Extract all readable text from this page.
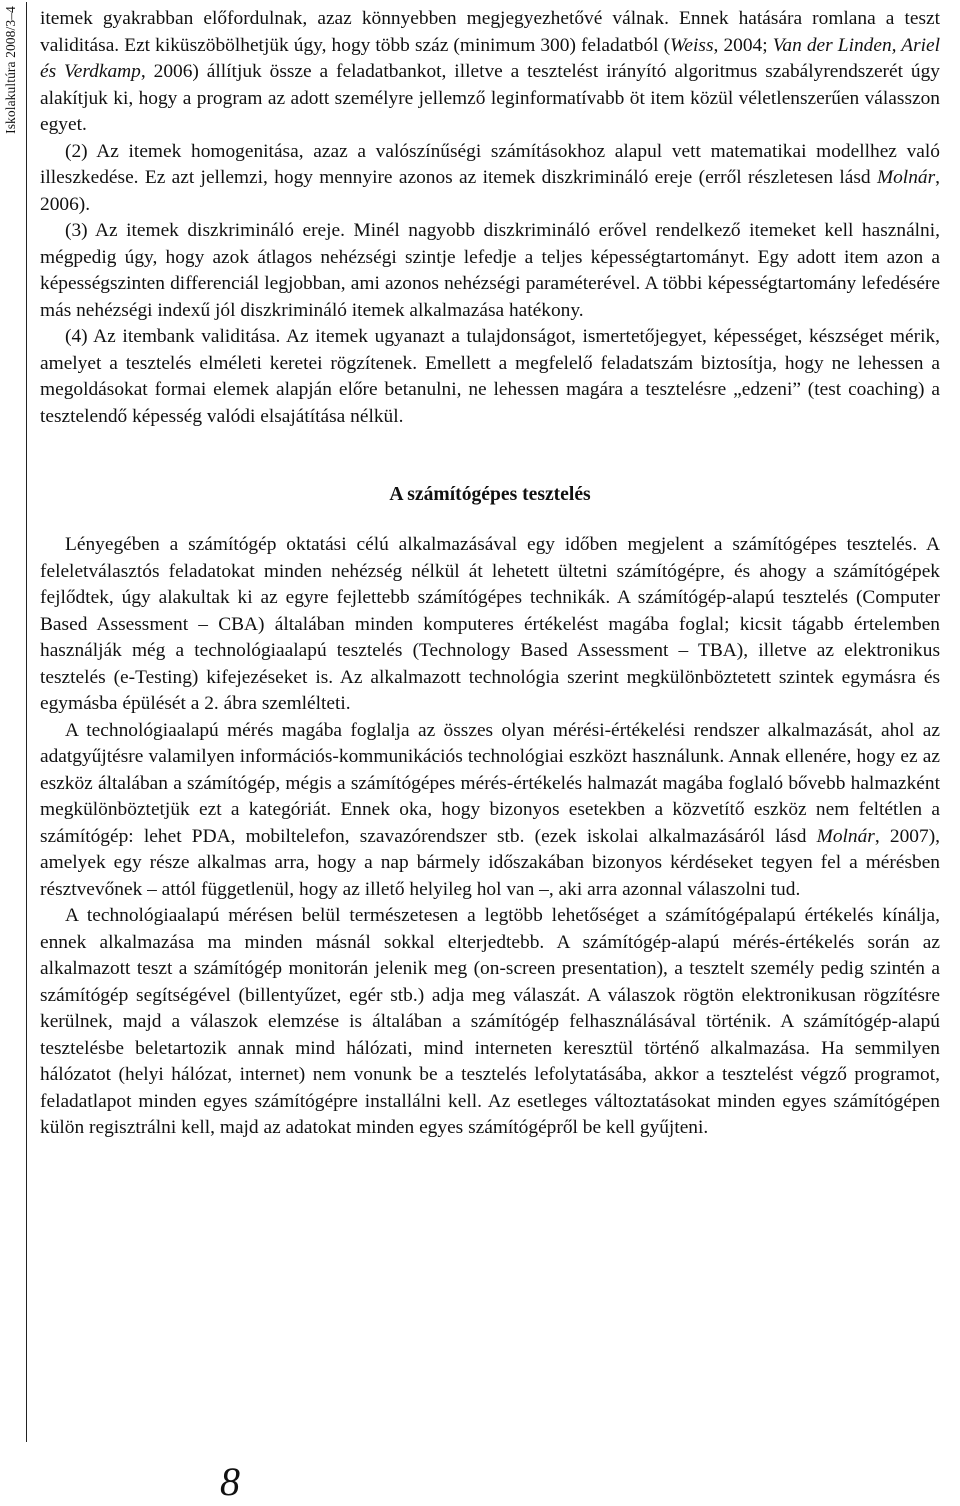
Iskolakultúra 2008/3–4 itemek gyakrabban előfordulnak, azaz könnyebben megjegyezhetővé válnak. Ennek hatására romlana a teszt validitása. Ezt kiküszöbölhetjük úgy, hogy több száz (minimum 300) feladatból (Weiss, 2004; Van der Linden, Ariel és Verdkamp, 2006) állítjuk össze a feladatbankot, illetve a tesztelést irányító algoritmus szabályrendszerét úgy alakítjuk ki, hogy a program az adott személyre jellemző leginformatívabb öt item közül véletlenszerűen válasszon egyet.

(2) Az itemek homogenitása, azaz a valószínűségi számításokhoz alapul vett matematikai modellhez való illeszkedése. Ez azt jellemzi, hogy mennyire azonos az itemek diszkrimináló ereje (erről részletesen lásd Molnár, 2006).

(3) Az itemek diszkrimináló ereje. Minél nagyobb diszkrimináló erővel rendelkező itemeket kell használni, mégpedig úgy, hogy azok átlagos nehézségi szintje lefedje a teljes képességtartományt. Egy adott item azon a képességszinten differenciál legjobban, ami azonos nehézségi paraméterével. A többi képességtartomány lefedésére más nehézségi indexű jól diszkrimináló itemek alkalmazása hatékony.

(4) Az itembank validitása. Az itemek ugyanazt a tulajdonságot, ismertetőjegyet, képességet, készséget mérik, amelyet a tesztelés elméleti keretei rögzítenek. Emellett a megfelelő feladatszám biztosítja, hogy ne lehessen a megoldásokat formai elemek alapján előre betanulni, ne lehessen magára a tesztelésre „edzeni” (test coaching) a tesztelendő képesség valódi elsajátítása nélkül.

A számítógépes tesztelés

Lényegében a számítógép oktatási célú alkalmazásával egy időben megjelent a számítógépes tesztelés. A feleletválasztós feladatokat minden nehézség nélkül át lehetett ültetni számítógépre, és ahogy a számítógépek fejlődtek, úgy alakultak ki az egyre fejlettebb számítógépes technikák. A számítógép-alapú tesztelés (Computer Based Assessment – CBA) általában minden komputeres értékelést magába foglal; kicsit tágabb értelemben használják még a technológiaalapú tesztelés (Technology Based Assessment – TBA), illetve az elektronikus tesztelés (e-Testing) kifejezéseket is. Az alkalmazott technológia szerint megkülönböztetett szintek egymásra és egymásba épülését a 2. ábra szemlélteti.

A technológiaalapú mérés magába foglalja az összes olyan mérési-értékelési rendszer alkalmazását, ahol az adatgyűjtésre valamilyen információs-kommunikációs technológiai eszközt használunk. Annak ellenére, hogy ez az eszköz általában a számítógép, mégis a számítógépes mérés-értékelés halmazát magába foglaló bővebb halmazként megkülönböztetjük ezt a kategóriát. Ennek oka, hogy bizonyos esetekben a közvetítő eszköz nem feltétlen a számítógép: lehet PDA, mobiltelefon, szavazórendszer stb. (ezek iskolai alkalmazásáról lásd Molnár, 2007), amelyek egy része alkalmas arra, hogy a nap bármely időszakában bizonyos kérdéseket tegyen fel a mérésben résztvevőnek – attól függetlenül, hogy az illető helyileg hol van –, aki arra azonnal válaszolni tud.

A technológiaalapú mérésen belül természetesen a legtöbb lehetőséget a számítógépalapú értékelés kínálja, ennek alkalmazása ma minden másnál sokkal elterjedtebb. A számítógép-alapú mérés-értékelés során az alkalmazott teszt a számítógép monitorán jelenik meg (on-screen presentation), a tesztelt személy pedig szintén a számítógép segítségével (billentyűzet, egér stb.) adja meg válaszát. A válaszok rögtön elektronikusan rögzítésre kerülnek, majd a válaszok elemzése is általában a számítógép felhasználásával történik. A számítógép-alapú tesztelésbe beletartozik annak mind hálózati, mind interneten keresztül történő alkalmazása. Ha semmilyen hálózatot (helyi hálózat, internet) nem vonunk be a tesztelés lefolytatásába, akkor a tesztelést végző programot, feladatlapot minden egyes számítógépre installálni kell. Az esetleges változtatásokat minden egyes számítógépen külön regisztrálni kell, majd az adatokat minden egyes számítógépről be kell gyűjteni.

8
